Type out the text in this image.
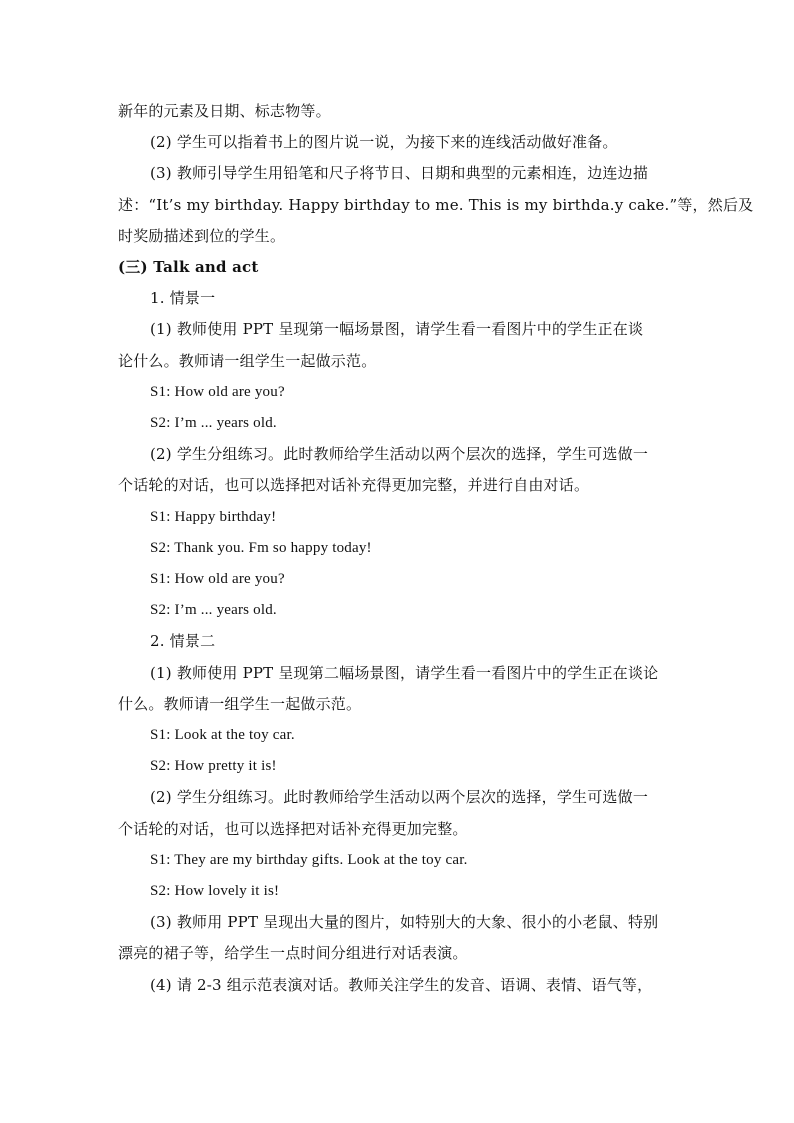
新年的元素及日期、标志物等。
(2) 学生可以指着书上的图片说一说，为接下来的连线活动做好准备。
(3) 教师引导学生用铅笔和尺子将节日、日期和典型的元素相连，边连边描
述：“It’s my birthday. Happy birthday to me. This is my birthda.y cake.”等，然后及
时奖励描述到位的学生。
(三) Talk and act
1. 情景一
(1) 教师使用 PPT 呈现第一幅场景图，请学生看一看图片中的学生正在谈
论什么。教师请一组学生一起做示范。
S1: How old are you?
S2: I’m ... years old.
(2) 学生分组练习。此时教师给学生活动以两个层次的选择，学生可选做一
个话轮的对话，也可以选择把对话补充得更加完整，并进行自由对话。
S1: Happy birthday!
S2: Thank you. Fm so happy today!
S1: How old are you?
S2: I’m ... years old.
2. 情景二
(1) 教师使用 PPT 呈现第二幅场景图，请学生看一看图片中的学生正在谈论
什么。教师请一组学生一起做示范。
S1: Look at the toy car.
S2: How pretty it is!
(2) 学生分组练习。此时教师给学生活动以两个层次的选择，学生可选做一
个话轮的对话，也可以选择把对话补充得更加完整。
S1: They are my birthday gifts. Look at the toy car.
S2: How lovely it is!
(3) 教师用 PPT 呈现出大量的图片，如特别大的大象、很小的小老鼠、特别
漂亮的裙子等，给学生一点时间分组进行对话表演。
(4) 请 2-3 组示范表演对话。教师关注学生的发音、语调、表情、语气等，
